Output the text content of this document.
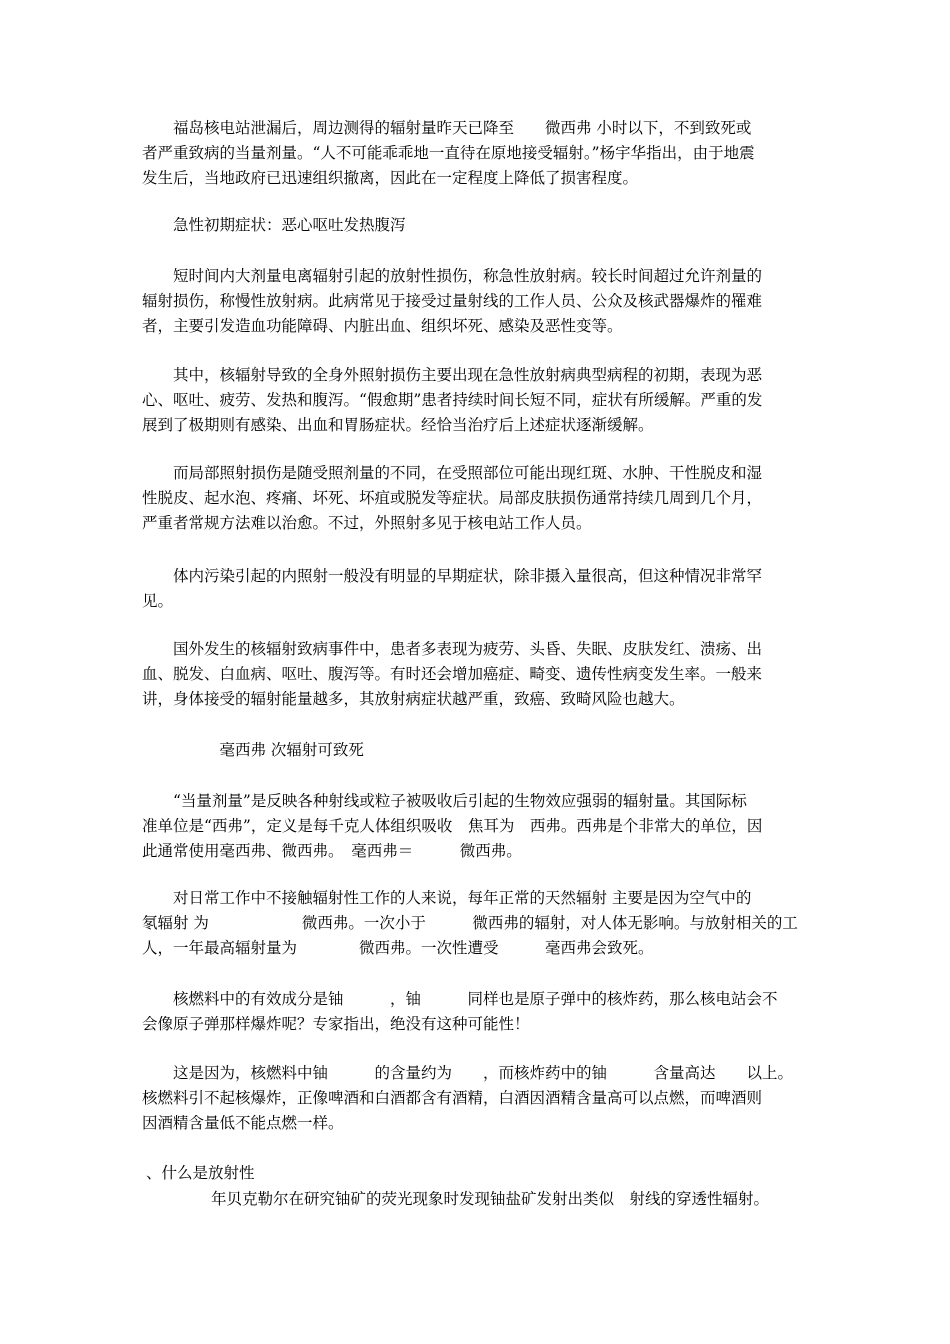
　　福岛核电站泄漏后，周边测得的辐射量昨天已降至　　微西弗 小时以下，不到致死或
者严重致病的当量剂量。“人不可能乖乖地一直待在原地接受辐射。”杨宇华指出，由于地震
发生后，当地政府已迅速组织撤离，因此在一定程度上降低了损害程度。
　　急性初期症状：恶心呕吐发热腹泻
　　短时间内大剂量电离辐射引起的放射性损伤，称急性放射病。较长时间超过允许剂量的
辐射损伤，称慢性放射病。此病常见于接受过量射线的工作人员、公众及核武器爆炸的罹难
者，主要引发造血功能障碍、内脏出血、组织坏死、感染及恶性变等。
　　其中，核辐射导致的全身外照射损伤主要出现在急性放射病典型病程的初期，表现为恶
心、呕吐、疲劳、发热和腹泻。“假愈期”患者持续时间长短不同，症状有所缓解。严重的发
展到了极期则有感染、出血和胃肠症状。经恰当治疗后上述症状逐渐缓解。
　　而局部照射损伤是随受照剂量的不同，在受照部位可能出现红斑、水肿、干性脱皮和湿
性脱皮、起水泡、疼痛、坏死、坏疽或脱发等症状。局部皮肤损伤通常持续几周到几个月，
严重者常规方法难以治愈。不过，外照射多见于核电站工作人员。
　　体内污染引起的内照射一般没有明显的早期症状，除非摄入量很高，但这种情况非常罕
见。
　　国外发生的核辐射致病事件中，患者多表现为疲劳、头昏、失眠、皮肤发红、溃疡、出
血、脱发、白血病、呕吐、腹泻等。有时还会增加癌症、畸变、遗传性病变发生率。一般来
讲，身体接受的辐射能量越多，其放射病症状越严重，致癌、致畸风险也越大。
　　　　　毫西弗 次辐射可致死
　　“当量剂量”是反映各种射线或粒子被吸收后引起的生物效应强弱的辐射量。其国际标
准单位是“西弗”，定义是每千克人体组织吸收　焦耳为　西弗。西弗是个非常大的单位，因
此通常使用毫西弗、微西弗。　毫西弗＝　　　微西弗。
　　对日常工作中不接触辐射性工作的人来说，每年正常的天然辐射 主要是因为空气中的
氡辐射 为　　　　　　微西弗。一次小于　　　微西弗的辐射，对人体无影响。与放射相关的工
人，一年最高辐射量为　　　　微西弗。一次性遭受　　　毫西弗会致死。
　　核燃料中的有效成分是铀　　　，铀　　　同样也是原子弹中的核炸药，那么核电站会不
会像原子弹那样爆炸呢？专家指出，绝没有这种可能性！
　　这是因为，核燃料中铀　　　的含量约为　　，而核炸药中的铀　　　含量高达　　以上。
核燃料引不起核爆炸，正像啤酒和白酒都含有酒精，白酒因酒精含量高可以点燃，而啤酒则
因酒精含量低不能点燃一样。
、什么是放射性
年贝克勒尔在研究铀矿的荧光现象时发现铀盐矿发射出类似　射线的穿透性辐射。
